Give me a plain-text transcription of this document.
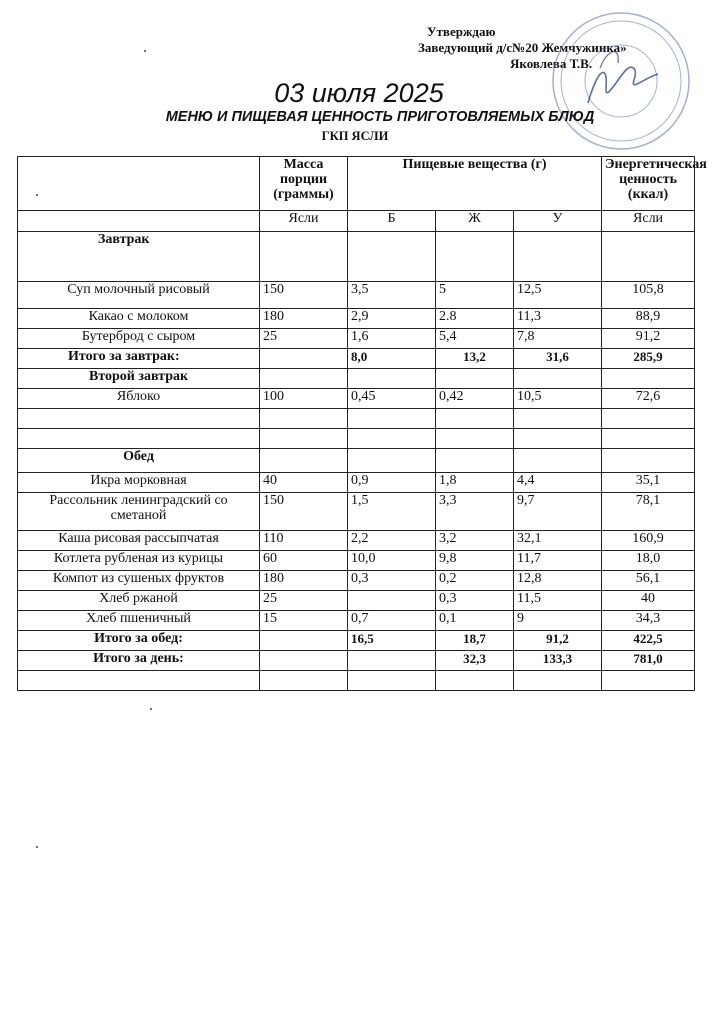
Утверждаю
Заведующий д/с№20 Жемчужинка»
Яковлева Т.В.
03 июля 2025
МЕНЮ И ПИЩЕВАЯ ЦЕННОСТЬ ПРИГОТОВЛЯЕМЫХ БЛЮД
ГКП ЯСЛИ
	Масса порции (граммы)	Пищевые вещества (г)			Энергетическая ценность (ккал)
	Ясли	Б	Ж	У	Ясли
Завтрак					
Суп молочный рисовый	150	3,5	5	12,5	105,8
Какао с молоком	180	2,9	2.8	11,3	88,9
Бутерброд с сыром	25	1,6	5,4	7,8	91,2
Итого за завтрак:		8,0	13,2	31,6	285,9
Второй завтрак					
Яблоко	100	0,45	0,42	10,5	72,6

Обед					
Икра морковная	40	0,9	1,8	4,4	35,1
Рассольник ленинградский со сметаной	150	1,5	3,3	9,7	78,1
Каша рисовая рассыпчатая	110	2,2	3,2	32,1	160,9
Котлета рубленая из курицы	60	10,0	9,8	11,7	18,0
Компот из сушеных фруктов	180	0,3	0,2	12,8	56,1
Хлеб ржаной	25		0,3	11,5	40
Хлеб пшеничный	15	0,7	0,1	9	34,3
Итого за обед:		16,5	18,7	91,2	422,5
Итого за день:			32,3	133,3	781,0
